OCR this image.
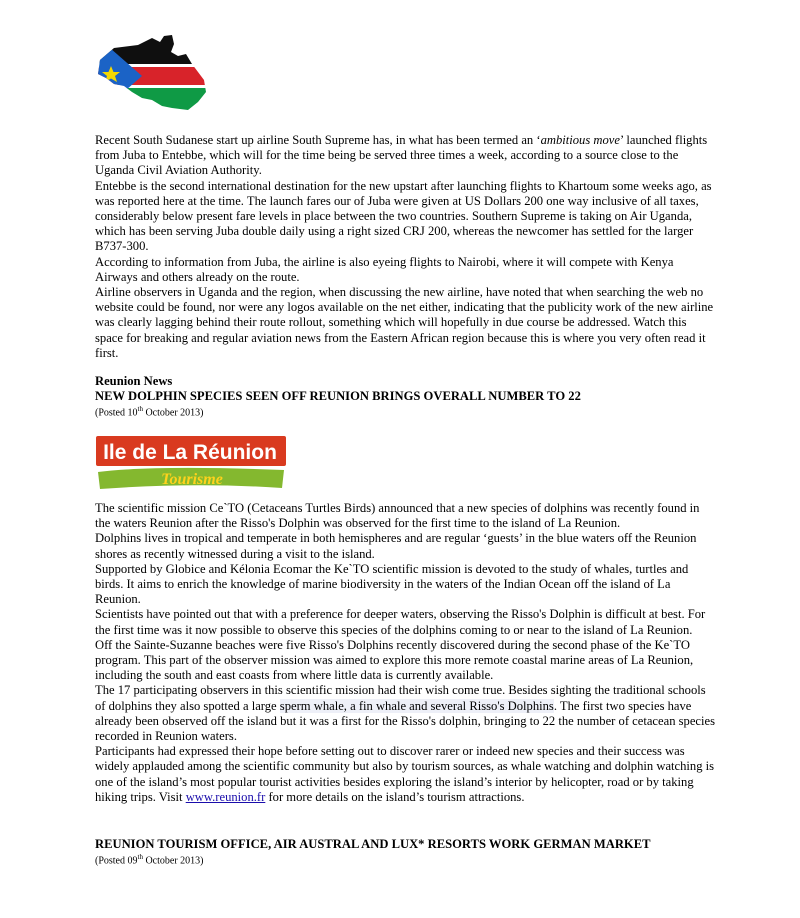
Recent South Sudanese start up airline South Supreme has, in what has been termed an ‘ambitious move’ launched flights from Juba to Entebbe, which will for the time being be served three times a week, according to a source close to the Uganda Civil Aviation Authority.

Entebbe is the second international destination for the new upstart after launching flights to Khartoum some weeks ago, as was reported here at the time. The launch fares our of Juba were given at US Dollars 200 one way inclusive of all taxes, considerably below present fare levels in place between the two countries. Southern Supreme is taking on Air Uganda, which has been serving Juba double daily using a right sized CRJ 200, whereas the newcomer has settled for the larger B737-300.

According to information from Juba, the airline is also eyeing flights to Nairobi, where it will compete with Kenya Airways and others already on the route.

Airline observers in Uganda and the region, when discussing the new airline, have noted that when searching the web no website could be found, nor were any logos available on the net either, indicating that the publicity work of the new airline was clearly lagging behind their route rollout, something which will hopefully in due course be addressed. Watch this space for breaking and regular aviation news from the Eastern African region because this is where you very often read it first.

Reunion News
NEW DOLPHIN SPECIES SEEN OFF REUNION BRINGS OVERALL NUMBER TO 22
(Posted 10th October 2013)
Ile de La Réunion
Tourisme

The scientific mission Ce`TO (Cetaceans Turtles Birds) announced that a new species of dolphins was recently found in the waters Reunion after the Risso's Dolphin was observed for the first time to the island of La Reunion.

Dolphins lives in tropical and temperate in both hemispheres and are regular ‘guests’ in the blue waters off the Reunion shores as recently witnessed during a visit to the island.

Supported by Globice and Kélonia Ecomar the Ke`TO scientific mission is devoted to the study of whales, turtles and birds. It aims to enrich the knowledge of marine biodiversity in the waters of the Indian Ocean off the island of La Reunion.

Scientists have pointed out that with a preference for deeper waters, observing the Risso's Dolphin is difficult at best. For the first time was it now possible to observe this species of the dolphins coming to or near to the island of La Reunion.

Off the Sainte-Suzanne beaches were five Risso's Dolphins recently discovered during the second phase of the Ke`TO program. This part of the observer mission was aimed to explore this more remote coastal marine areas of La Reunion, including the south and east coasts from where little data is currently available.

The 17 participating observers in this scientific mission had their wish come true. Besides sighting the traditional schools of dolphins they also spotted a large sperm whale, a fin whale and several Risso's Dolphins. The first two species have already been observed off the island but it was a first for the Risso's dolphin, bringing to 22 the number of cetacean species recorded in Reunion waters.

Participants had expressed their hope before setting out to discover rarer or indeed new species and their success was widely applauded among the scientific community but also by tourism sources, as whale watching and dolphin watching is one of the island’s most popular tourist activities besides exploring the island’s interior by helicopter, road or by taking hiking trips. Visit www.reunion.fr for more details on the island’s tourism attractions.

REUNION TOURISM OFFICE, AIR AUSTRAL AND LUX* RESORTS WORK GERMAN MARKET
(Posted 09th October 2013)
